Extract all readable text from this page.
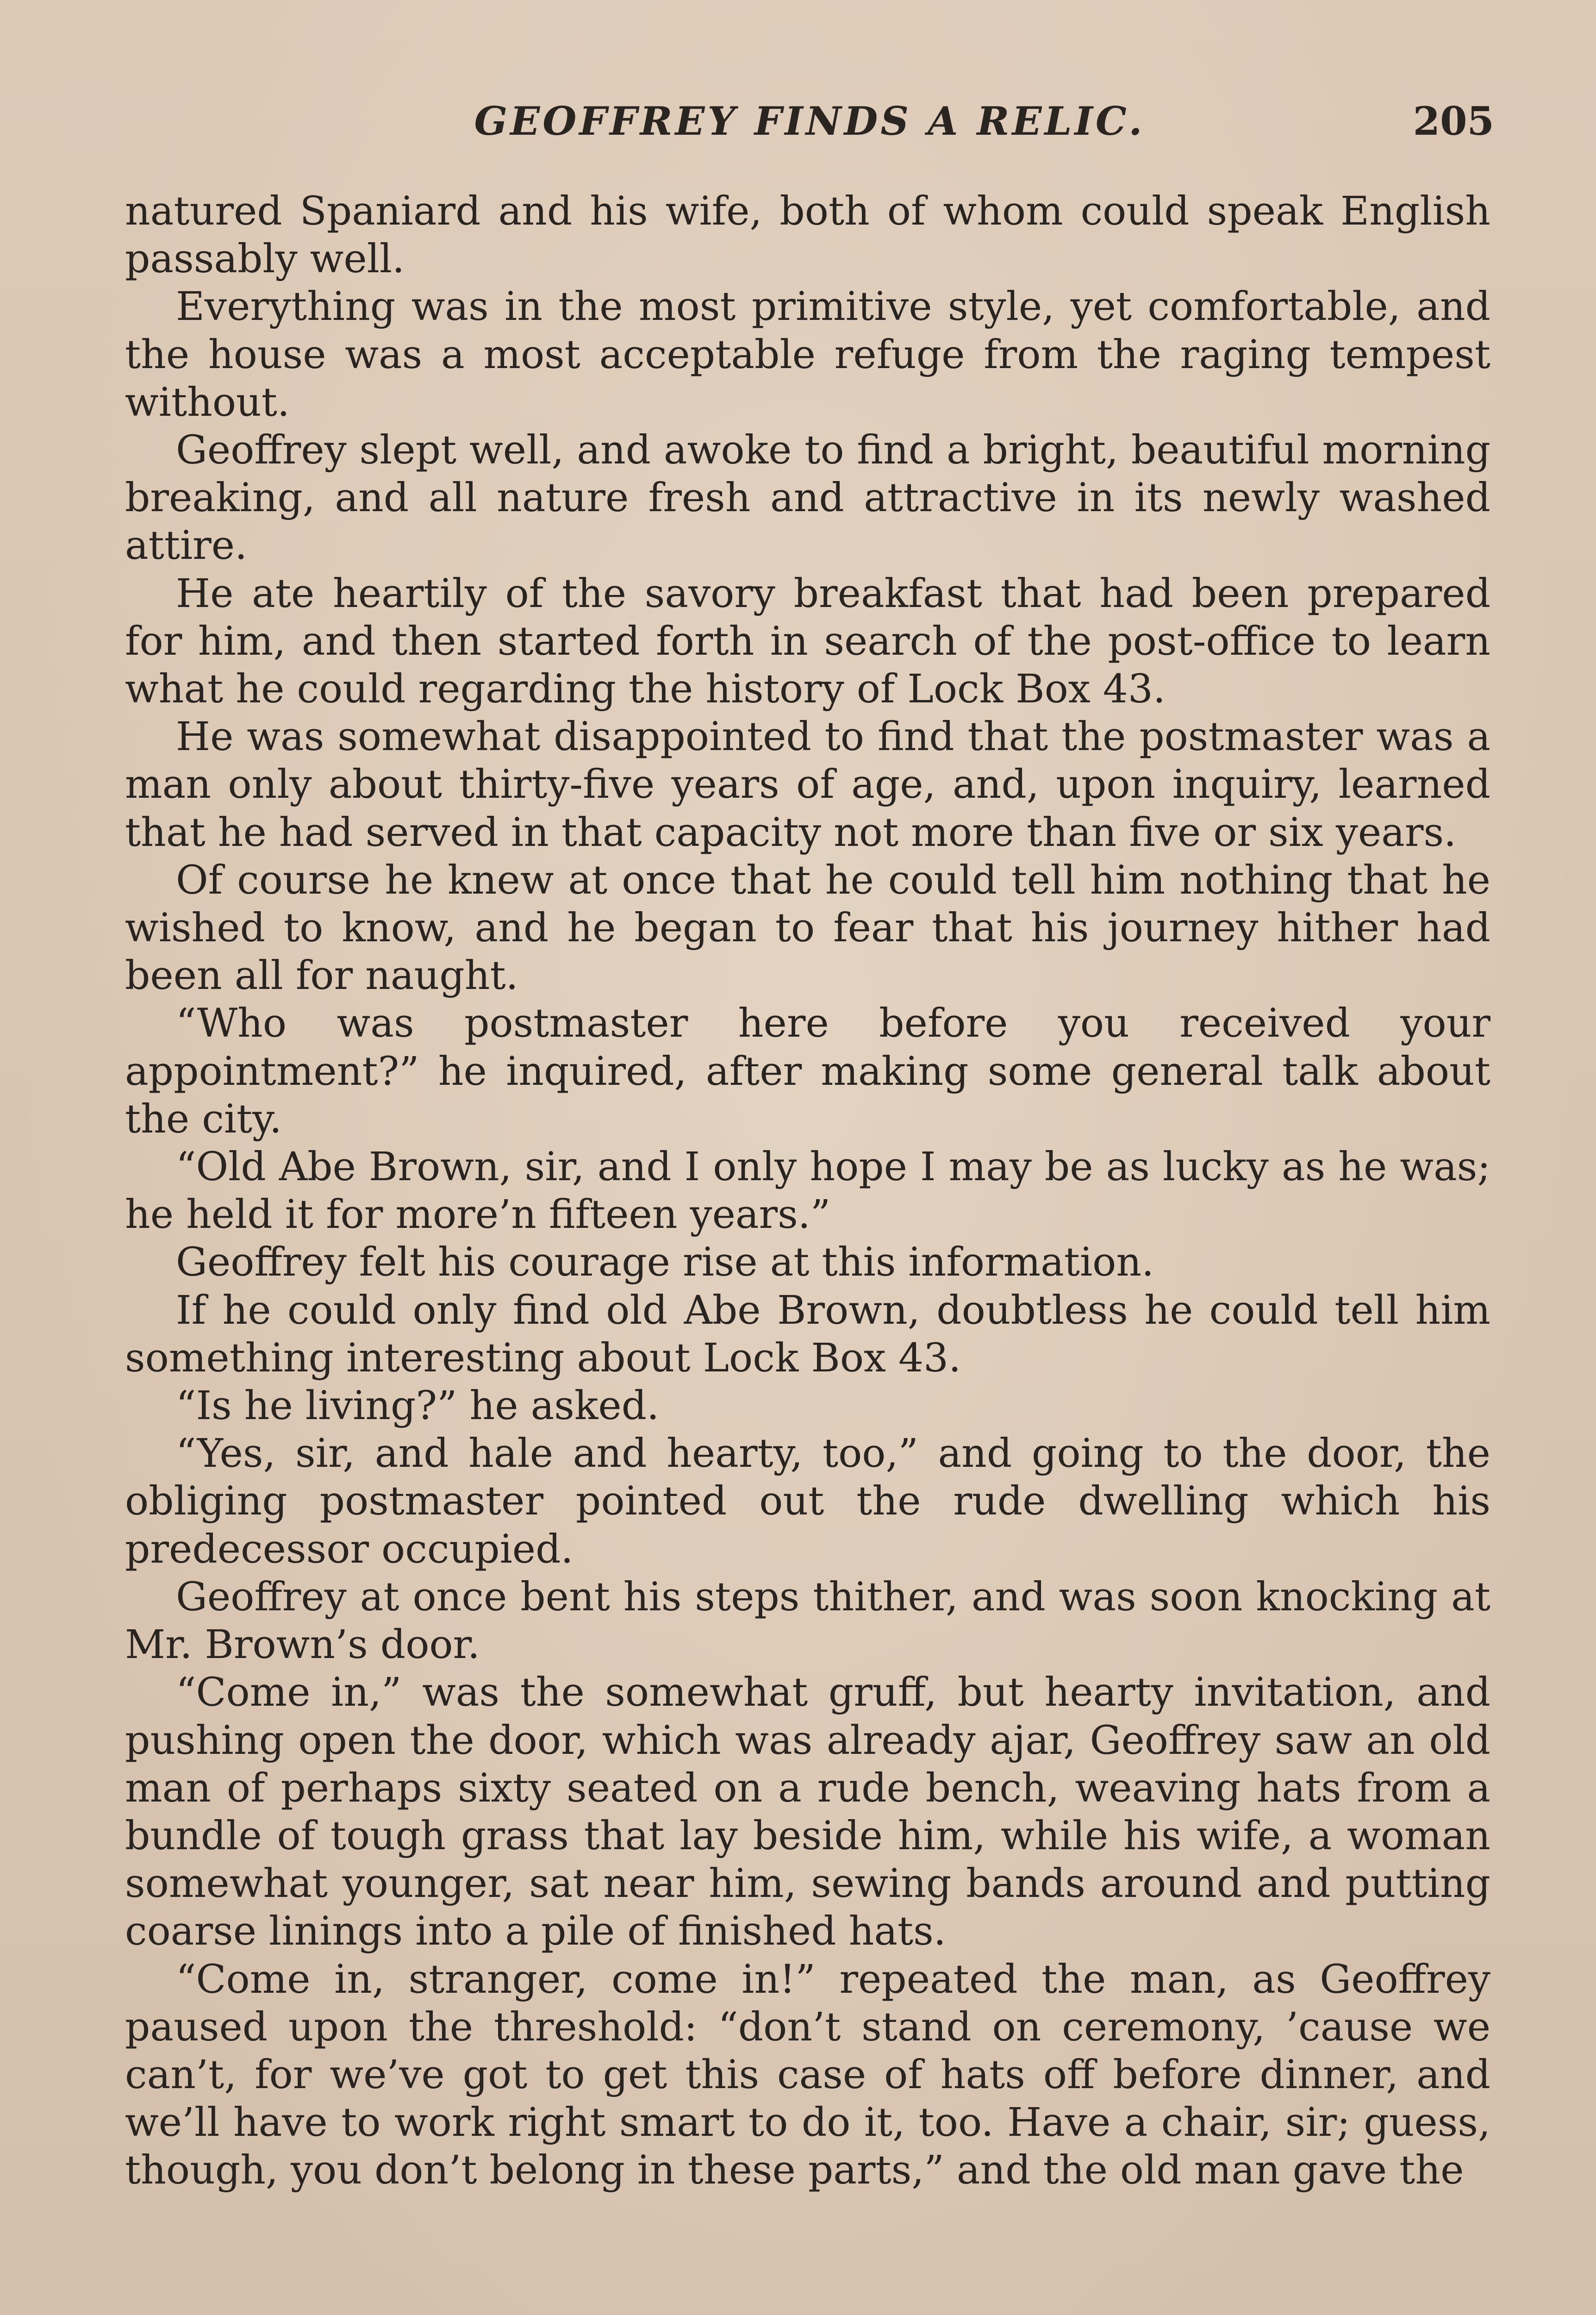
GEOFFREY FINDS A RELIC.	205

natured Spaniard and his wife, both of whom could speak English passably well.

Everything was in the most primitive style, yet comfortable, and the house was a most acceptable refuge from the raging tempest without.

Geoffrey slept well, and awoke to find a bright, beautiful morning breaking, and all nature fresh and attractive in its newly washed attire.

He ate heartily of the savory breakfast that had been prepared for him, and then started forth in search of the post-office to learn what he could regarding the history of Lock Box 43.

He was somewhat disappointed to find that the postmaster was a man only about thirty-five years of age, and, upon inquiry, learned that he had served in that capacity not more than five or six years.

Of course he knew at once that he could tell him nothing that he wished to know, and he began to fear that his journey hither had been all for naught.

“Who was postmaster here before you received your appointment?” he inquired, after making some general talk about the city.

“Old Abe Brown, sir, and I only hope I may be as lucky as he was; he held it for more’n fifteen years.”

Geoffrey felt his courage rise at this information.

If he could only find old Abe Brown, doubtless he could tell him something interesting about Lock Box 43.

“Is he living?” he asked.

“Yes, sir, and hale and hearty, too,” and going to the door, the obliging postmaster pointed out the rude dwelling which his predecessor occupied.

Geoffrey at once bent his steps thither, and was soon knocking at Mr. Brown’s door.

“Come in,” was the somewhat gruff, but hearty invitation, and pushing open the door, which was already ajar, Geoffrey saw an old man of perhaps sixty seated on a rude bench, weaving hats from a bundle of tough grass that lay beside him, while his wife, a woman somewhat younger, sat near him, sewing bands around and putting coarse linings into a pile of finished hats.

“Come in, stranger, come in!” repeated the man, as Geoffrey paused upon the threshold: “don’t stand on ceremony, ’cause we can’t, for we’ve got to get this case of hats off before dinner, and we’ll have to work right smart to do it, too. Have a chair, sir; guess, though, you don’t belong in these parts,” and the old man gave the
